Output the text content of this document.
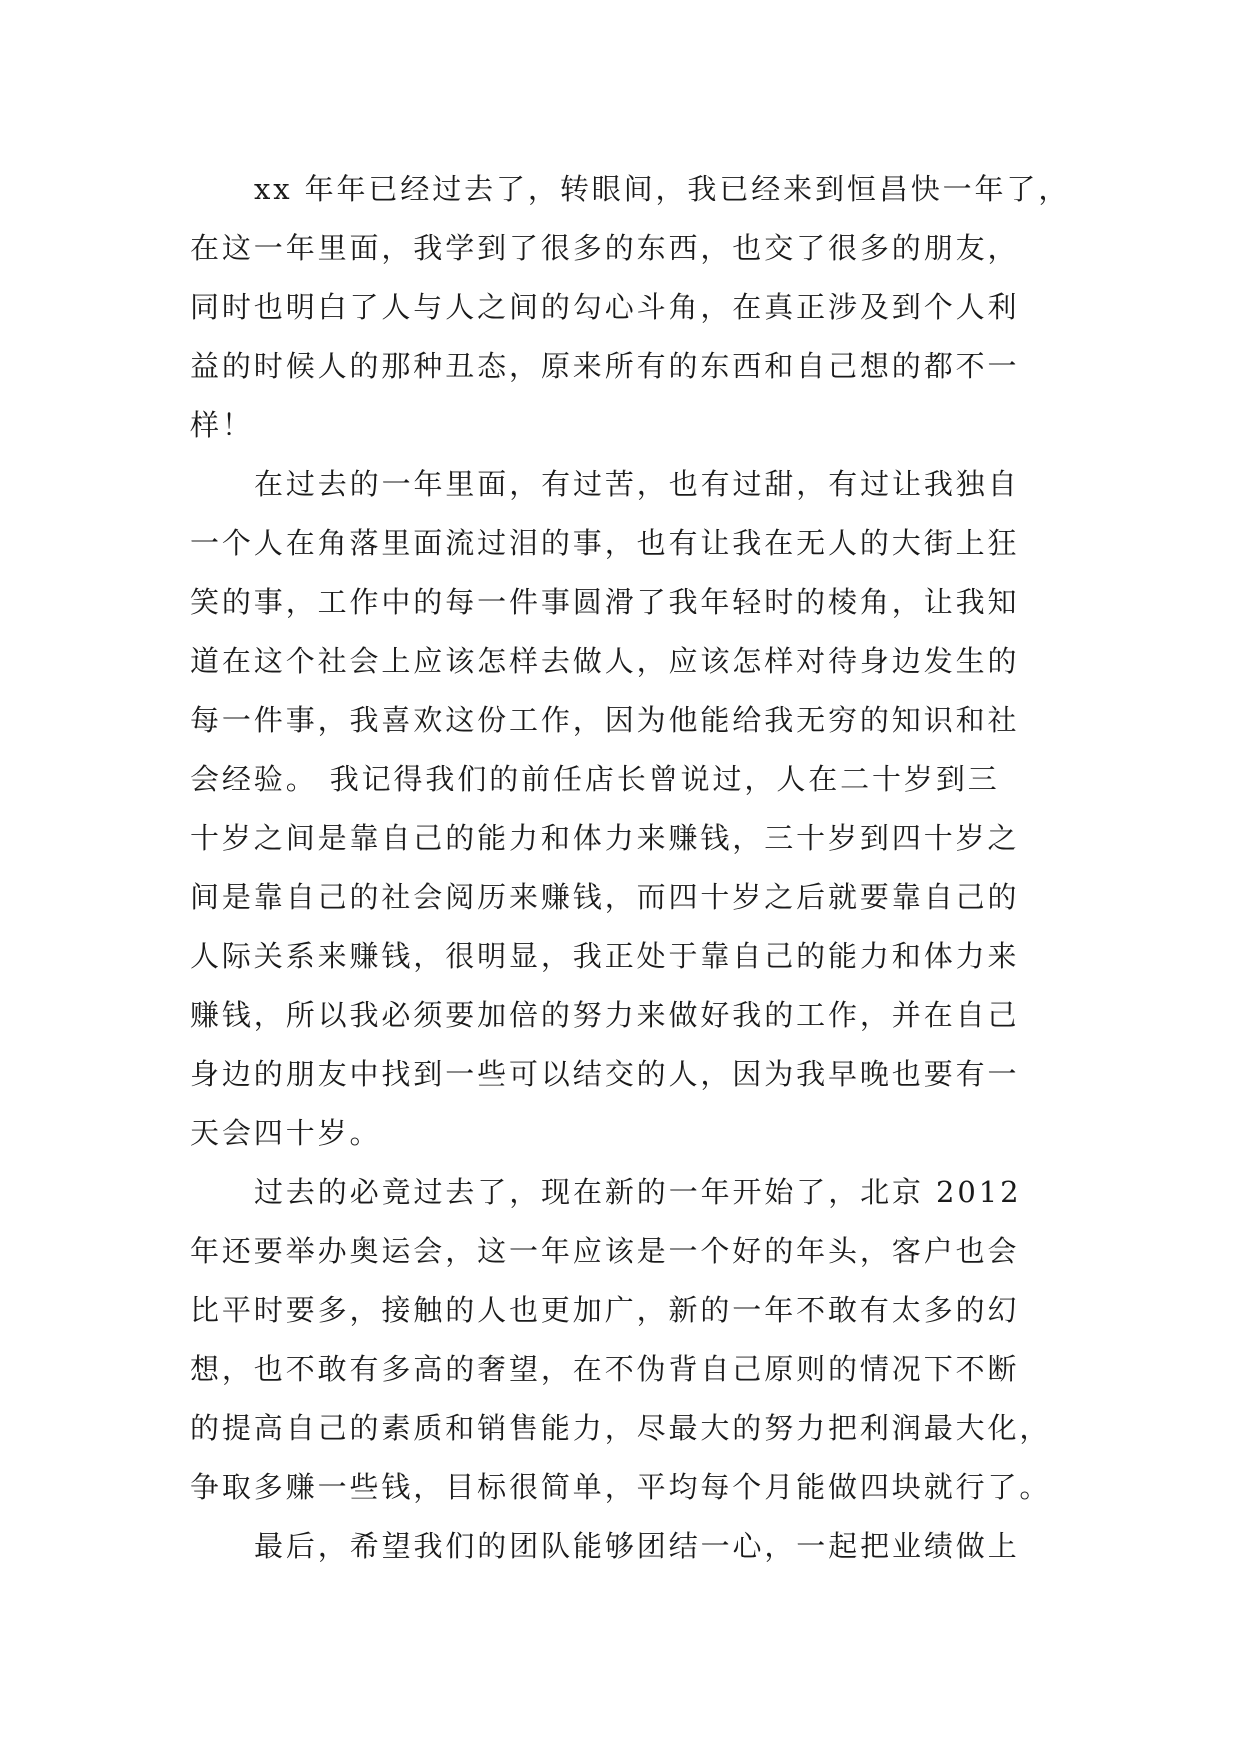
xx 年年已经过去了，转眼间，我已经来到恒昌快一年了，
在这一年里面，我学到了很多的东西，也交了很多的朋友，
同时也明白了人与人之间的勾心斗角，在真正涉及到个人利
益的时候人的那种丑态，原来所有的东西和自己想的都不一
样！
在过去的一年里面，有过苦，也有过甜，有过让我独自
一个人在角落里面流过泪的事，也有让我在无人的大街上狂
笑的事，工作中的每一件事圆滑了我年轻时的棱角，让我知
道在这个社会上应该怎样去做人，应该怎样对待身边发生的
每一件事，我喜欢这份工作，因为他能给我无穷的知识和社
会经验。 我记得我们的前任店长曾说过，人在二十岁到三
十岁之间是靠自己的能力和体力来赚钱，三十岁到四十岁之
间是靠自己的社会阅历来赚钱，而四十岁之后就要靠自己的
人际关系来赚钱，很明显，我正处于靠自己的能力和体力来
赚钱，所以我必须要加倍的努力来做好我的工作，并在自己
身边的朋友中找到一些可以结交的人，因为我早晚也要有一
天会四十岁。
过去的必竟过去了，现在新的一年开始了，北京 2012
年还要举办奥运会，这一年应该是一个好的年头，客户也会
比平时要多，接触的人也更加广，新的一年不敢有太多的幻
想，也不敢有多高的奢望，在不伪背自己原则的情况下不断
的提高自己的素质和销售能力，尽最大的努力把利润最大化，
争取多赚一些钱，目标很简单，平均每个月能做四块就行了。
最后，希望我们的团队能够团结一心，一起把业绩做上
